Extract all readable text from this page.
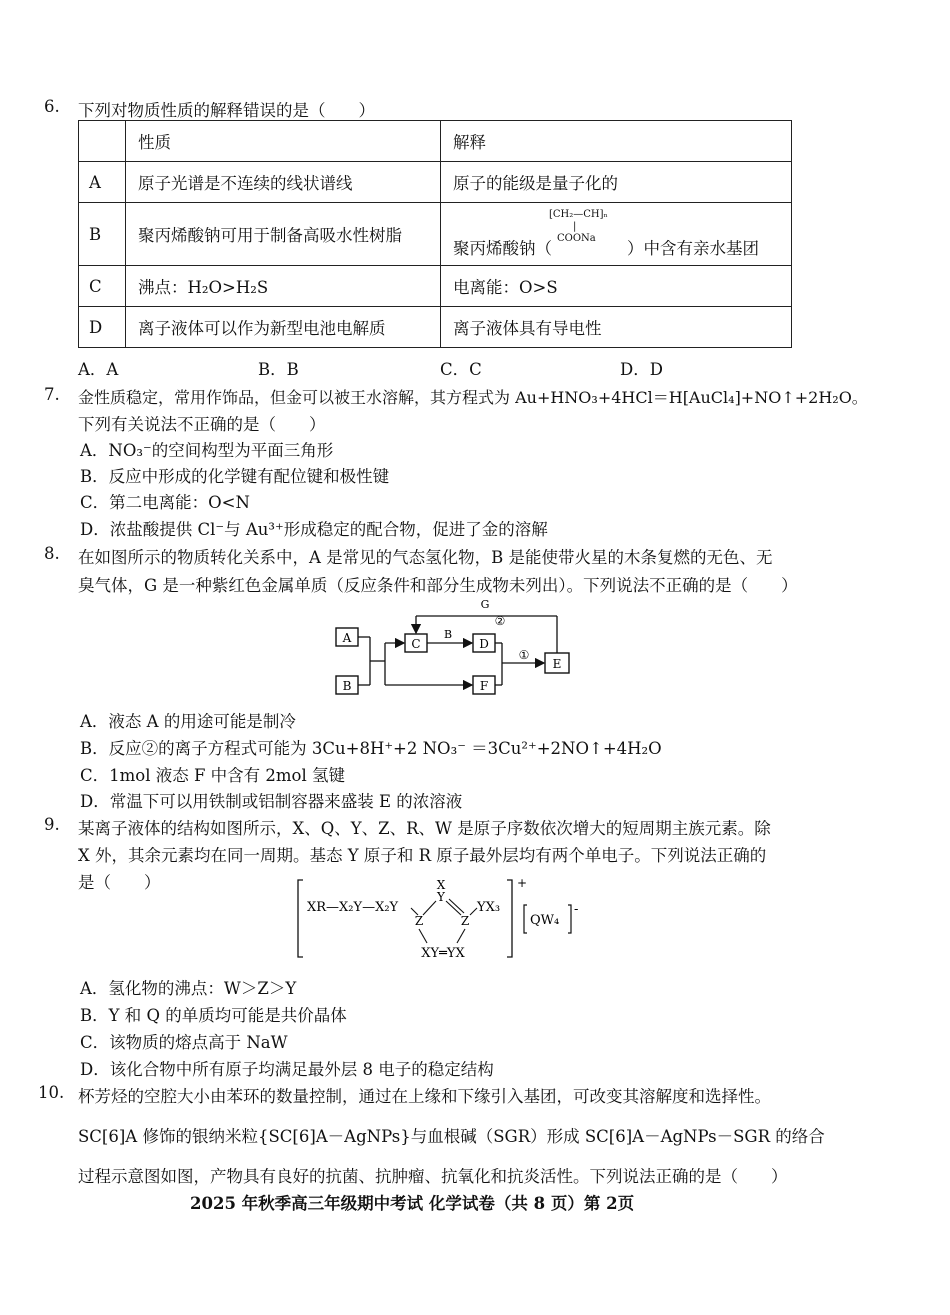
6. 下列对物质性质的解释错误的是（　　）
	性质	解释
A	原子光谱是不连续的线状谱线	原子的能级是量子化的
B	聚丙烯酸钠可用于制备高吸水性树脂	聚丙烯酸钠（
[CH₂—CH]ₙ
|
COONa
）中含有亲水基团

C	沸点：H₂O>H₂S	电离能：O>S
D	离子液体可以作为新型电池电解质	离子液体具有导电性
A．A	B．B	C．C	D．D
7. 金性质稳定，常用作饰品，但金可以被王水溶解，其方程式为 Au+HNO₃+4HCl＝H[AuCl₄]+NO↑+2H₂O。
下列有关说法不正确的是（　　）
A．NO₃⁻的空间构型为平面三角形
B．反应中形成的化学键有配位键和极性键
C．第二电离能：O<N
D．浓盐酸提供 Cl⁻与 Au³⁺形成稳定的配合物，促进了金的溶解
8. 在如图所示的物质转化关系中，A 是常见的气态氢化物，B 是能使带火星的木条复燃的无色、无
臭气体，G 是一种紫红色金属单质（反应条件和部分生成物未列出）。下列说法不正确的是（　　）
A
B
C	D
E
F
B
①
G
②
A．液态 A 的用途可能是制冷
B．反应②的离子方程式可能为 3Cu+8H⁺+2 NO₃⁻ ＝3Cu²⁺+2NO↑+4H₂O
C．1mol 液态 F 中含有 2mol 氢键
D．常温下可以用铁制或铝制容器来盛装 E 的浓溶液
9. 某离子液体的结构如图所示，X、Q、Y、Z、R、W 是原子序数依次增大的短周期主族元素。除
X 外，其余元素均在同一周期。基态 Y 原子和 R 原子最外层均有两个单电子。下列说法正确的
是（　　）	+
XR—X₂Y—X₂Y
X
Y
YX₃
Z	Z
XY═YX
QW₄
-
A．氢化物的沸点：W＞Z＞Y
B．Y 和 Q 的单质均可能是共价晶体
C．该物质的熔点高于 NaW
D．该化合物中所有原子均满足最外层 8 电子的稳定结构
10. 杯芳烃的空腔大小由苯环的数量控制，通过在上缘和下缘引入基团，可改变其溶解度和选择性。
SC[6]A 修饰的银纳米粒{SC[6]A－AgNPs}与血根碱（SGR）形成 SC[6]A－AgNPs－SGR 的络合
过程示意图如图，产物具有良好的抗菌、抗肿瘤、抗氧化和抗炎活性。下列说法正确的是（　　）
2025 年秋季高三年级期中考试 化学试卷（共 8 页）第 2页
